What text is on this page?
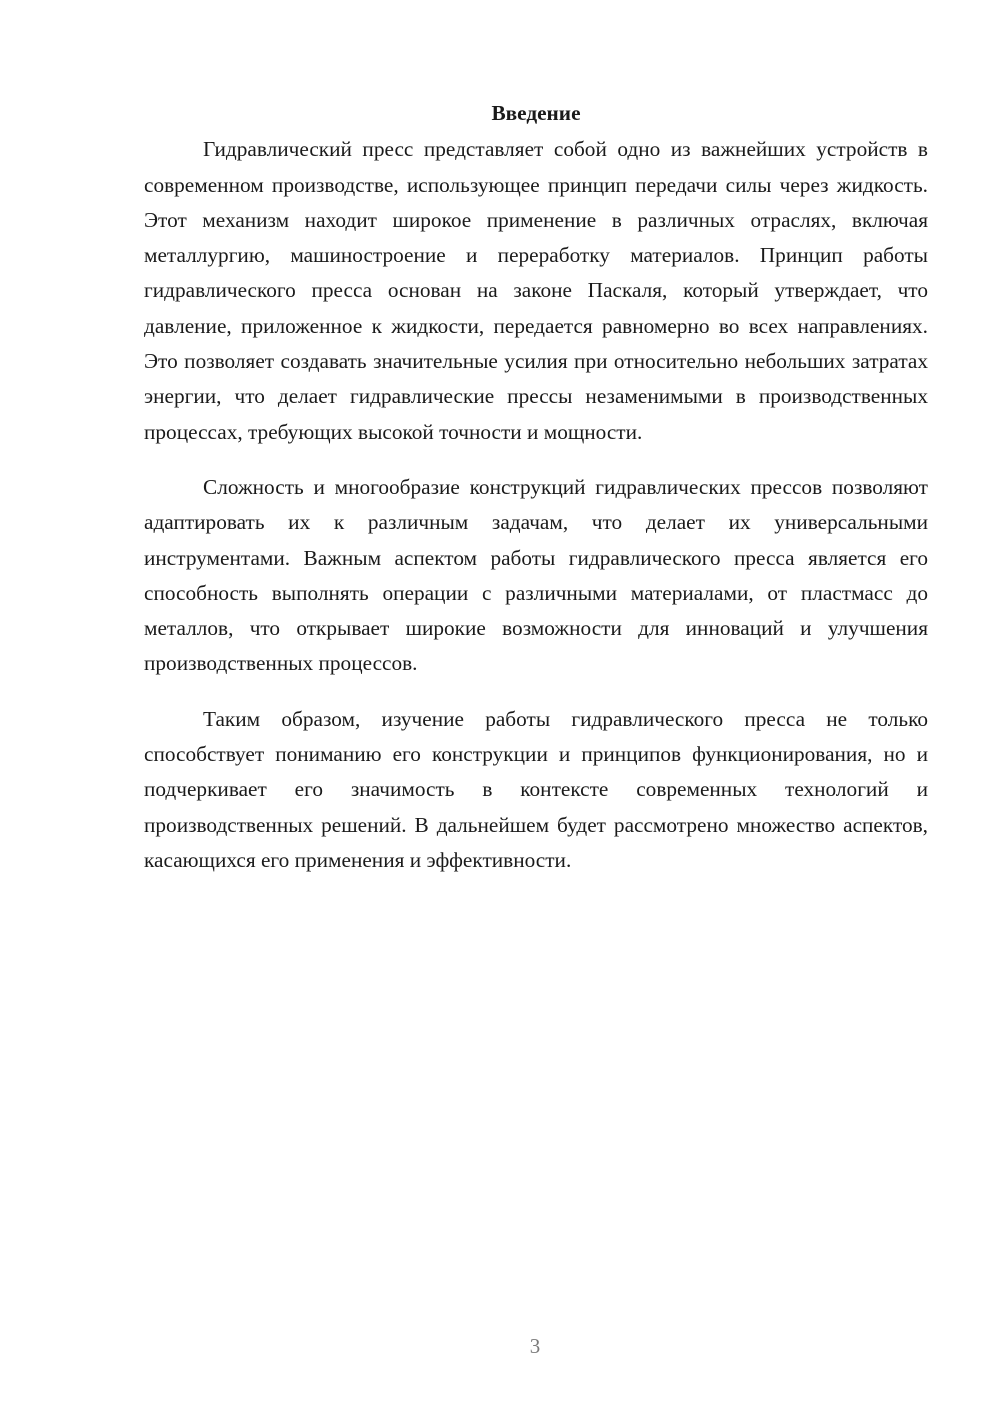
Введение

Гидравлический пресс представляет собой одно из важнейших устройств в современном производстве, использующее принцип передачи силы через жидкость. Этот механизм находит широкое применение в различных отраслях, включая металлургию, машиностроение и переработку материалов. Принцип работы гидравлического пресса основан на законе Паскаля, который утверждает, что давление, приложенное к жидкости, передается равномерно во всех направлениях. Это позволяет создавать значительные усилия при относительно небольших затратах энергии, что делает гидравлические прессы незаменимыми в производственных процессах, требующих высокой точности и мощности.

Сложность и многообразие конструкций гидравлических прессов позволяют адаптировать их к различным задачам, что делает их универсальными инструментами. Важным аспектом работы гидравлического пресса является его способность выполнять операции с различными материалами, от пластмасс до металлов, что открывает широкие возможности для инноваций и улучшения производственных процессов.

Таким образом, изучение работы гидравлического пресса не только способствует пониманию его конструкции и принципов функционирования, но и подчеркивает его значимость в контексте современных технологий и производственных решений. В дальнейшем будет рассмотрено множество аспектов, касающихся его применения и эффективности.

3
